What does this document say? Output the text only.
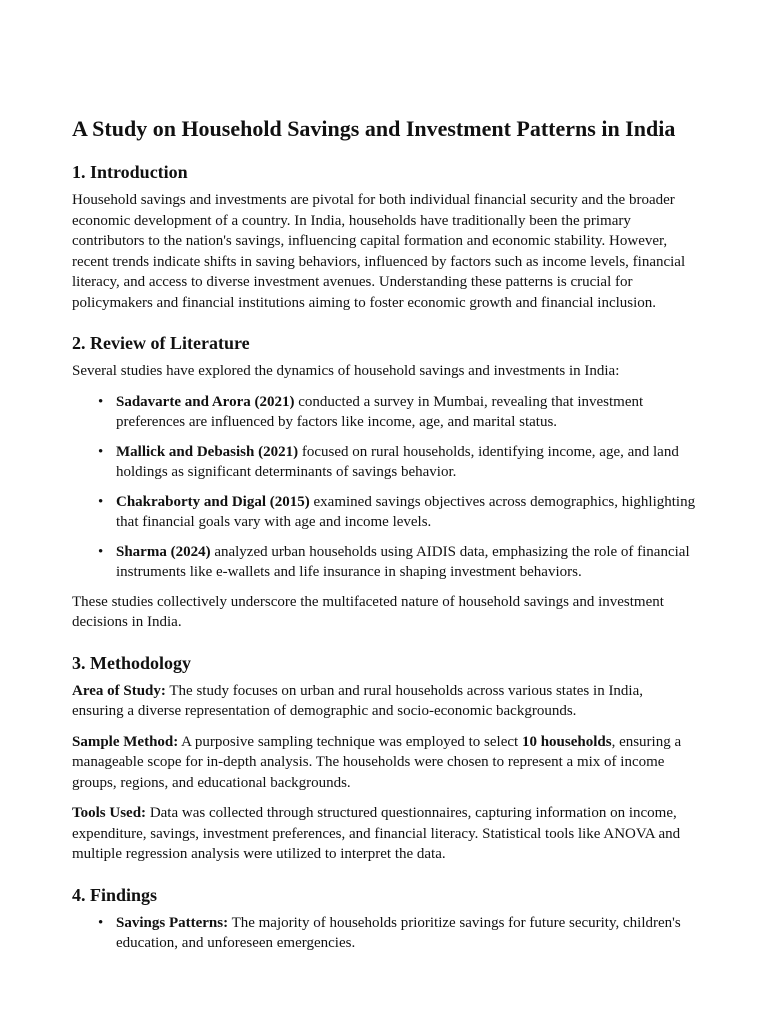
A Study on Household Savings and Investment Patterns in India
1. Introduction

Household savings and investments are pivotal for both individual financial security and the broader economic development of a country. In India, households have traditionally been the primary contributors to the nation's savings, influencing capital formation and economic stability. However, recent trends indicate shifts in saving behaviors, influenced by factors such as income levels, financial literacy, and access to diverse investment avenues. Understanding these patterns is crucial for policymakers and financial institutions aiming to foster economic growth and financial inclusion.

2. Review of Literature

Several studies have explored the dynamics of household savings and investments in India:

• Sadavarte and Arora (2021) conducted a survey in Mumbai, revealing that investment preferences are influenced by factors like income, age, and marital status.
• Mallick and Debasish (2021) focused on rural households, identifying income, age, and land holdings as significant determinants of savings behavior.
• Chakraborty and Digal (2015) examined savings objectives across demographics, highlighting that financial goals vary with age and income levels.
• Sharma (2024) analyzed urban households using AIDIS data, emphasizing the role of financial instruments like e-wallets and life insurance in shaping investment behaviors.

These studies collectively underscore the multifaceted nature of household savings and investment decisions in India.

3. Methodology

Area of Study: The study focuses on urban and rural households across various states in India, ensuring a diverse representation of demographic and socio-economic backgrounds.

Sample Method: A purposive sampling technique was employed to select 10 households, ensuring a manageable scope for in-depth analysis. The households were chosen to represent a mix of income groups, regions, and educational backgrounds.

Tools Used: Data was collected through structured questionnaires, capturing information on income, expenditure, savings, investment preferences, and financial literacy. Statistical tools like ANOVA and multiple regression analysis were utilized to interpret the data.

4. Findings
• Savings Patterns: The majority of households prioritize savings for future security, children's education, and unforeseen emergencies.
